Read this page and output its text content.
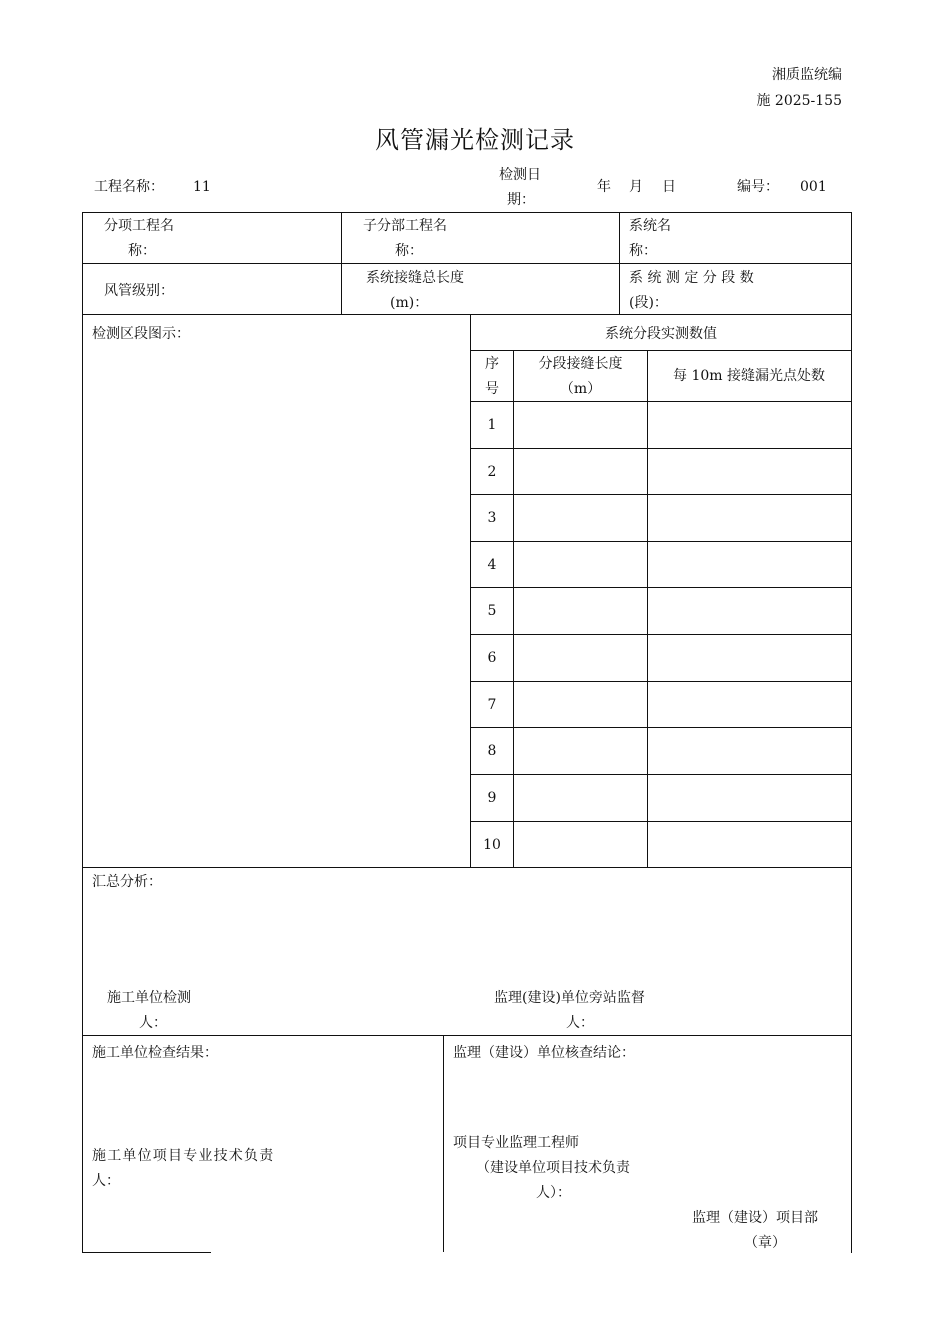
湘质监统编
施 2025-155
风管漏光检测记录
工程名称： 11
检测日
期：
年 月 日	编号： 001
分项工程名
称：
子分部工程名
称：
系统名
称：
风管级别：
系统接缝总长度
(m)：
系 统 测 定 分 段 数
(段)：
检测区段图示：	系统分段实测数值
序
号
分段接缝长度
（m）
每 10m 接缝漏光点处数
1
2
3
4
5
6
7
8
9
10
汇总分析：
施工单位检测
人：
监理(建设)单位旁站监督
人：
施工单位检查结果：
施工单位项目专业技术负责
人：
监理（建设）单位核查结论：
项目专业监理工程师
（建设单位项目技术负责
人）：
监理（建设）项目部
（章）
